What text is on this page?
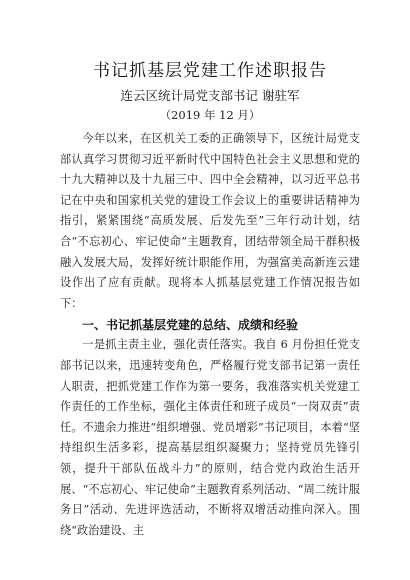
书记抓基层党建工作述职报告
连云区统计局党支部书记 谢驻军
（2019 年 12 月）

今年以来，在区机关工委的正确领导下，区统计局党支部认真学习贯彻习近平新时代中国特色社会主义思想和党的十九大精神以及十九届三中、四中全会精神，以习近平总书记在中央和国家机关党的建设工作会议上的重要讲话精神为指引，紧紧围绕“高质发展、后发先至”三年行动计划，结合“不忘初心、牢记使命”主题教育，团结带领全局干群积极融入发展大局，发挥好统计职能作用，为强富美高新连云建设作出了应有贡献。现将本人抓基层党建工作情况报告如下：

一、书记抓基层党建的总结、成绩和经验

一是抓主责主业，强化责任落实。我自 6 月份担任党支部书记以来，迅速转变角色，严格履行党支部书记第一责任人职责，把抓党建工作作为第一要务，我准落实机关党建工作责任的工作坐标，强化主体责任和班子成员“一岗双责”责任。不遗余力推进“组织增强、党员增彩”书记项目，本着“坚持组织生活多彩，提高基层组织凝聚力；坚持党员先锋引领，提升干部队伍战斗力”的原则，结合党内政治生活开展、“不忘初心、牢记使命”主题教育系列活动、“周二统计服务日”活动、先进评选活动，不断将双增活动推向深入。围绕“政治建设、主
